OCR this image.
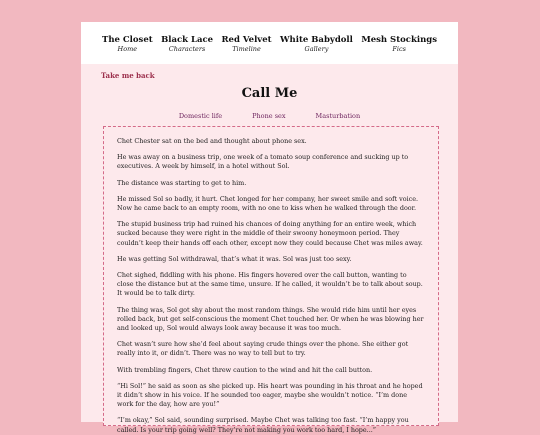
The Closet
Home
Black Lace
Characters
Red Velvet
Timeline
White Babydoll
Gallery
Mesh Stockings
Fics
Take me back
Call Me
Domestic life	Phone sex	Masturbation

Chet Chester sat on the bed and thought about phone sex.

He was away on a business trip, one week of a tomato soup conference and sucking up to executives. A week by himself, in a hotel without Sol.

The distance was starting to get to him.

He missed Sol so badly, it hurt. Chet longed for her company, her sweet smile and soft voice. Now he came back to an empty room, with no one to kiss when he walked through the door.

The stupid business trip had ruined his chances of doing anything for an entire week, which sucked because they were right in the middle of their swoony honeymoon period. They couldn’t keep their hands off each other, except now they could because Chet was miles away.

He was getting Sol withdrawal, that’s what it was. Sol was just too sexy.

Chet sighed, fiddling with his phone. His fingers hovered over the call button, wanting to close the distance but at the same time, unsure. If he called, it wouldn’t be to talk about soup. It would be to talk dirty.

The thing was, Sol got shy about the most random things. She would ride him until her eyes rolled back, but get self-conscious the moment Chet touched her. Or when he was blowing her and looked up, Sol would always look away because it was too much.

Chet wasn’t sure how she’d feel about saying crude things over the phone. She either got really into it, or didn’t. There was no way to tell but to try.

With trembling fingers, Chet threw caution to the wind and hit the call button.

“Hi Sol!” he said as soon as she picked up. His heart was pounding in his throat and he hoped it didn’t show in his voice. If he sounded too eager, maybe she wouldn’t notice. “I’m done work for the day, how are you!”

“I’m okay,” Sol said, sounding surprised. Maybe Chet was talking too fast. “I’m happy you called. Is your trip going well? They’re not making you work too hard, I hope...”
